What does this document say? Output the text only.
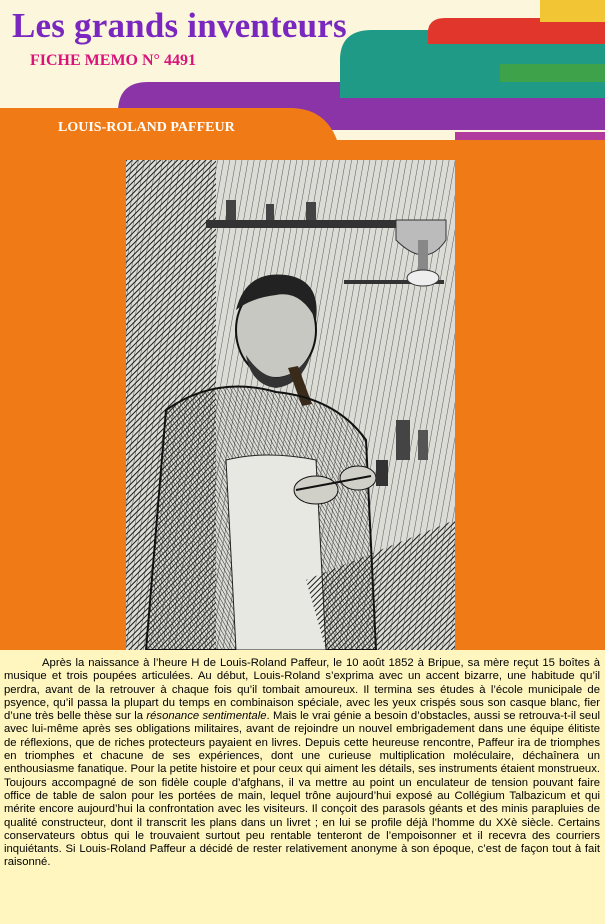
Les grands inventeurs
FICHE MEMO N° 4491
LOUIS-ROLAND PAFFEUR

Après la naissance à l’heure H de Louis-Roland Paffeur, le 10 août 1852 à Bripue, sa mère reçut 15 boîtes à musique et trois poupées articulées. Au début, Louis-Roland s’exprima avec un accent bizarre, une habitude qu’il perdra, avant de la retrouver à chaque fois qu’il tombait amoureux. Il termina ses études à l’école municipale de psyence, qu’il passa la plupart du temps en combinaison spéciale, avec les yeux crispés sous son casque blanc, fier d’une très belle thèse sur la résonance sentimentale. Mais le vrai génie a besoin d’obstacles, aussi se retrouva-t-il seul avec lui-même après ses obligations militaires, avant de rejoindre un nouvel embrigadement dans une équipe élitiste de réflexions, que de riches protecteurs payaient en livres. Depuis cette heureuse rencontre, Paffeur ira de triomphes en triomphes et chacune de ses expériences, dont une curieuse multiplication moléculaire, déchaînera un enthousiasme fanatique. Pour la petite histoire et pour ceux qui aiment les détails, ses instruments étaient monstrueux. Toujours accompagné de son fidèle couple d’afghans, il va mettre au point un enculateur de tension pouvant faire office de table de salon pour les portées de main, lequel trône aujourd’hui exposé au Collégium Talbazicum et qui mérite encore aujourd’hui la confrontation avec les visiteurs. Il conçoit des parasols géants et des minis parapluies de qualité constructeur, dont il transcrit les plans dans un livret ; en lui se profile déjà l’homme du XXè siècle. Certains conservateurs obtus qui le trouvaient surtout peu rentable tenteront de l’empoisonner et il recevra des courriers inquiétants. Si Louis-Roland Paffeur a décidé de rester relativement anonyme à son époque, c’est de façon tout à fait raisonné.
